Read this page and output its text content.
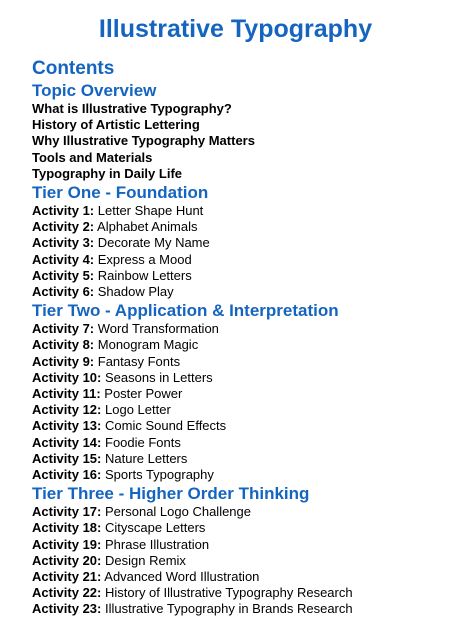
Illustrative Typography
Contents
Topic Overview
What is Illustrative Typography?
History of Artistic Lettering
Why Illustrative Typography Matters
Tools and Materials
Typography in Daily Life
Tier One - Foundation
Activity 1: Letter Shape Hunt
Activity 2: Alphabet Animals
Activity 3: Decorate My Name
Activity 4: Express a Mood
Activity 5: Rainbow Letters
Activity 6: Shadow Play
Tier Two - Application & Interpretation
Activity 7: Word Transformation
Activity 8: Monogram Magic
Activity 9: Fantasy Fonts
Activity 10: Seasons in Letters
Activity 11: Poster Power
Activity 12: Logo Letter
Activity 13: Comic Sound Effects
Activity 14: Foodie Fonts
Activity 15: Nature Letters
Activity 16: Sports Typography
Tier Three - Higher Order Thinking
Activity 17: Personal Logo Challenge
Activity 18: Cityscape Letters
Activity 19: Phrase Illustration
Activity 20: Design Remix
Activity 21: Advanced Word Illustration
Activity 22: History of Illustrative Typography Research
Activity 23: Illustrative Typography in Brands Research
